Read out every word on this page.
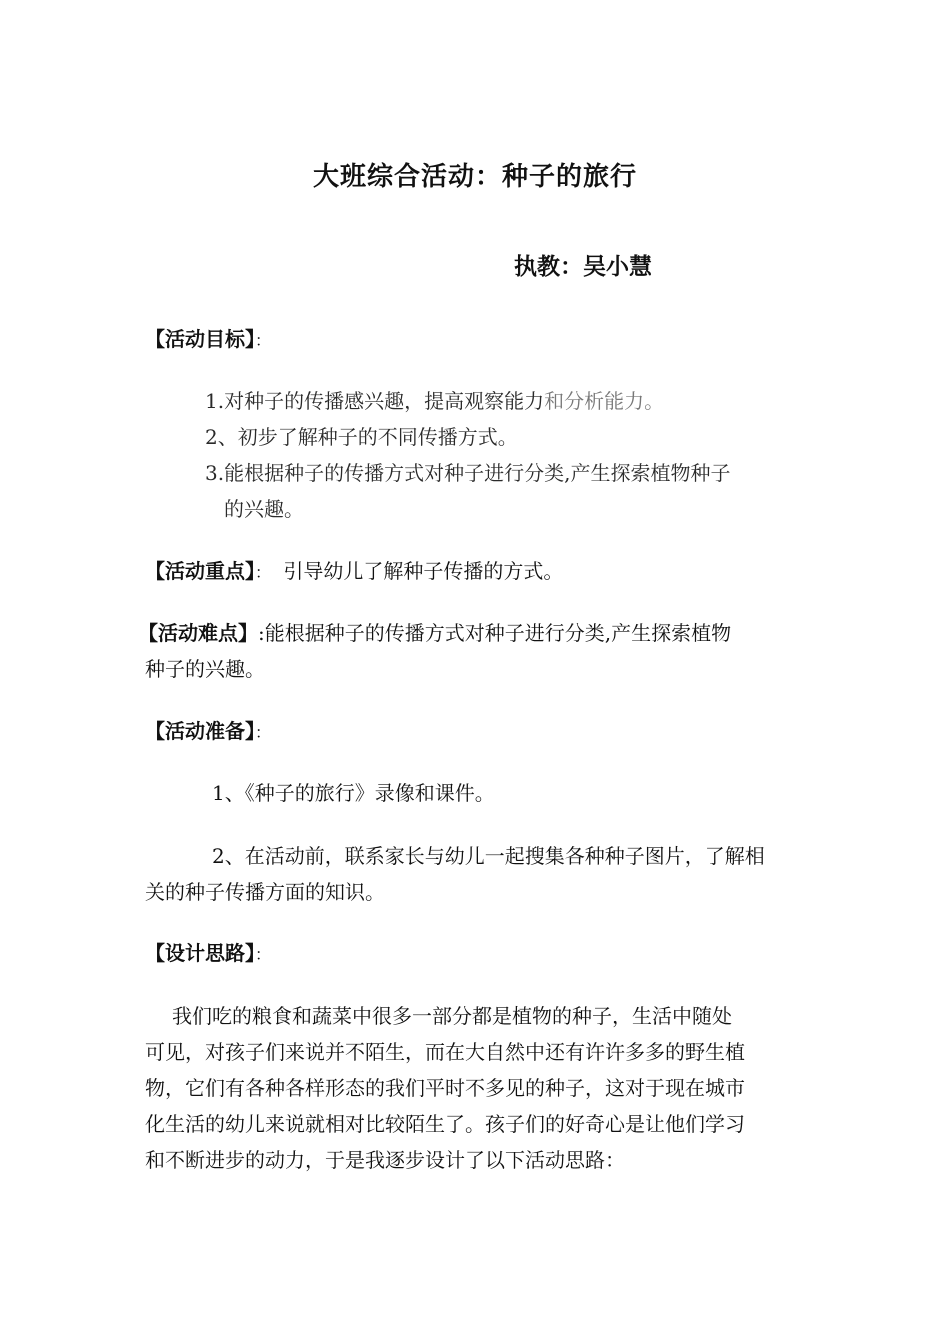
大班综合活动：种子的旅行
执教：吴小慧
【活动目标】：
1.对种子的传播感兴趣，提高观察能力和分析能力。
2、初步了解种子的不同传播方式。
3.能根据种子的传播方式对种子进行分类,产生探索植物种子
的兴趣。
【活动重点】： 引导幼儿了解种子传播的方式。
【活动难点】:能根据种子的传播方式对种子进行分类,产生探索植物
种子的兴趣。
【活动准备】：
1、《种子的旅行》录像和课件。
2、在活动前，联系家长与幼儿一起搜集各种种子图片，了解相
关的种子传播方面的知识。
【设计思路】：
我们吃的粮食和蔬菜中很多一部分都是植物的种子，生活中随处
可见，对孩子们来说并不陌生，而在大自然中还有许许多多的野生植
物，它们有各种各样形态的我们平时不多见的种子，这对于现在城市
化生活的幼儿来说就相对比较陌生了。孩子们的好奇心是让他们学习
和不断进步的动力，于是我逐步设计了以下活动思路：
